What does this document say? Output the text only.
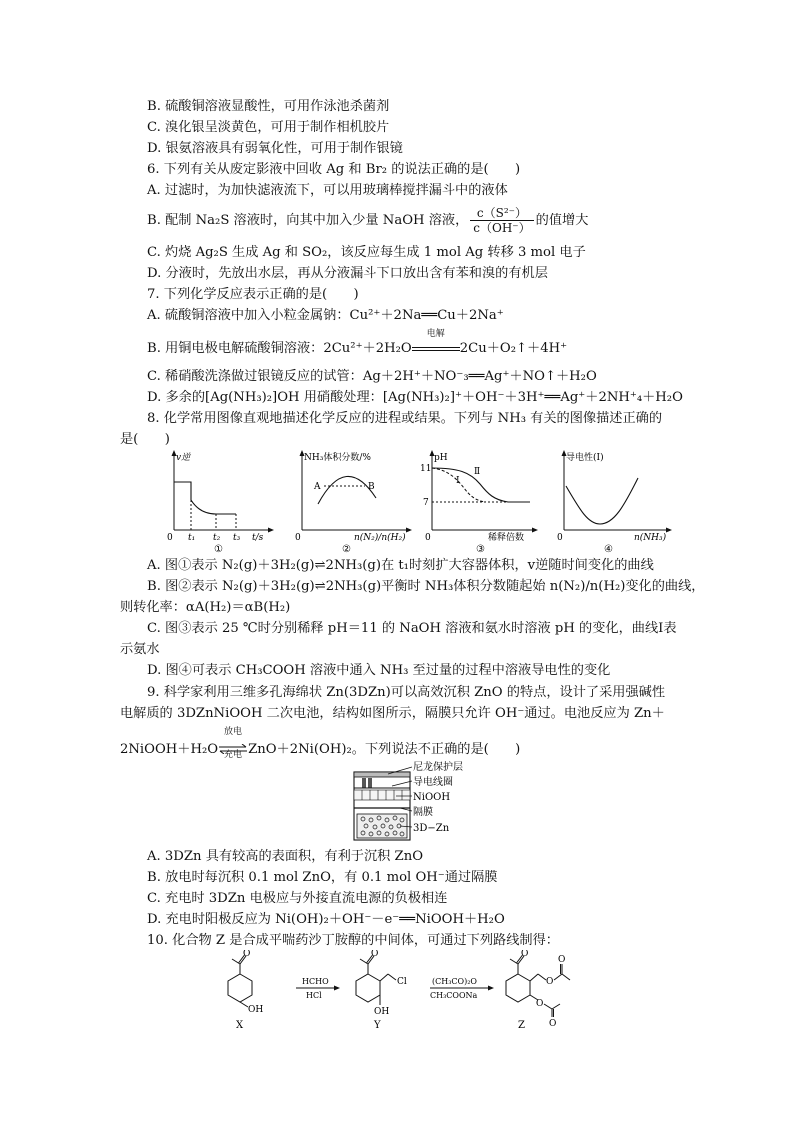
B. 硫酸铜溶液显酸性，可用作泳池杀菌剂
C. 溴化银呈淡黄色，可用于制作相机胶片
D. 银氨溶液具有弱氧化性，可用于制作银镜
6. 下列有关从废定影液中回收 Ag 和 Br₂ 的说法正确的是(　　)
A. 过滤时，为加快滤液流下，可以用玻璃棒搅拌漏斗中的液体
B. 配制 Na₂S 溶液时，向其中加入少量 NaOH 溶液， $\frac{\text{c（S²⁻）}}{c(OH^-)}$ 的值增大
C. 灼烧 Ag₂S 生成 Ag 和 SO₂，该反应每生成 1 mol Ag 转移 3 mol 电子
D. 分液时，先放出水层，再从分液漏斗下口放出含有苯和溴的有机层
7. 下列化学反应表示正确的是(　　)
A. 硫酸铜溶液中加入小粒金属钠：Cu²⁺＋2Na══Cu＋2Na⁺
B. 用铜电极电解硫酸铜溶液：2Cu²⁺＋2H₂O
电解
2Cu＋O₂↑＋4H⁺
C. 稀硝酸洗涤做过银镜反应的试管：Ag＋2H⁺＋NO⁻₃══Ag⁺＋NO↑＋H₂O
D. 多余的[Ag(NH₃)₂]OH 用硝酸处理：[Ag(NH₃)₂]⁺＋OH⁻＋3H⁺══Ag⁺＋2NH⁺₄＋H₂O
8. 化学常用图像直观地描述化学反应的进程或结果。下列与 NH₃ 有关的图像描述正确的
是(　　)
v逆
0 t₁ t₂ t₃ t/s
①
NH₃体积分数/%
0
A	B
n(N₂)/n(H₂)
②
pH
11
7
0
Ⅰ
Ⅱ
稀释倍数
③
导电性(I)
0	n(NH₃)
④
A. 图①表示 N₂(g)＋3H₂(g)⇌2NH₃(g)在 t₁时刻扩大容器体积，v逆随时间变化的曲线
B. 图②表示 N₂(g)＋3H₂(g)⇌2NH₃(g)平衡时 NH₃体积分数随起始 n(N₂)/n(H₂)变化的曲线，
则转化率：αA(H₂)＝αB(H₂)
C. 图③表示 25 ℃时分别稀释 pH＝11 的 NaOH 溶液和氨水时溶液 pH 的变化，曲线Ⅰ表
示氨水
D. 图④可表示 CH₃COOH 溶液中通入 NH₃ 至过量的过程中溶液导电性的变化
9. 科学家利用三维多孔海绵状 Zn(3DZn)可以高效沉积 ZnO 的特点，设计了采用强碱性
电解质的 3DZnNiOOH 二次电池，结构如图所示，隔膜只允许 OH⁻通过。电池反应为 Zn＋
2NiOOH＋H₂O
放电
充电 ZnO＋2Ni(OH)₂。下列说法不正确的是(　　)
尼龙保护层
导电线圈
NiOOH
隔膜
3D−Zn
A. 3DZn 具有较高的表面积，有利于沉积 ZnO
B. 放电时每沉积 0.1 mol ZnO，有 0.1 mol OH⁻通过隔膜
C. 充电时 3DZn 电极应与外接直流电源的负极相连
D. 充电时阳极反应为 Ni(OH)₂＋OH⁻－e⁻══NiOOH＋H₂O
10. 化合物 Z 是合成平喘药沙丁胺醇的中间体，可通过下列路线制得：
O
OH
X
HCHO
HCl
O
Cl
OH
Y
(CH₃CO)₂O
CH₃COONa
O
O
O
O
O
Z
